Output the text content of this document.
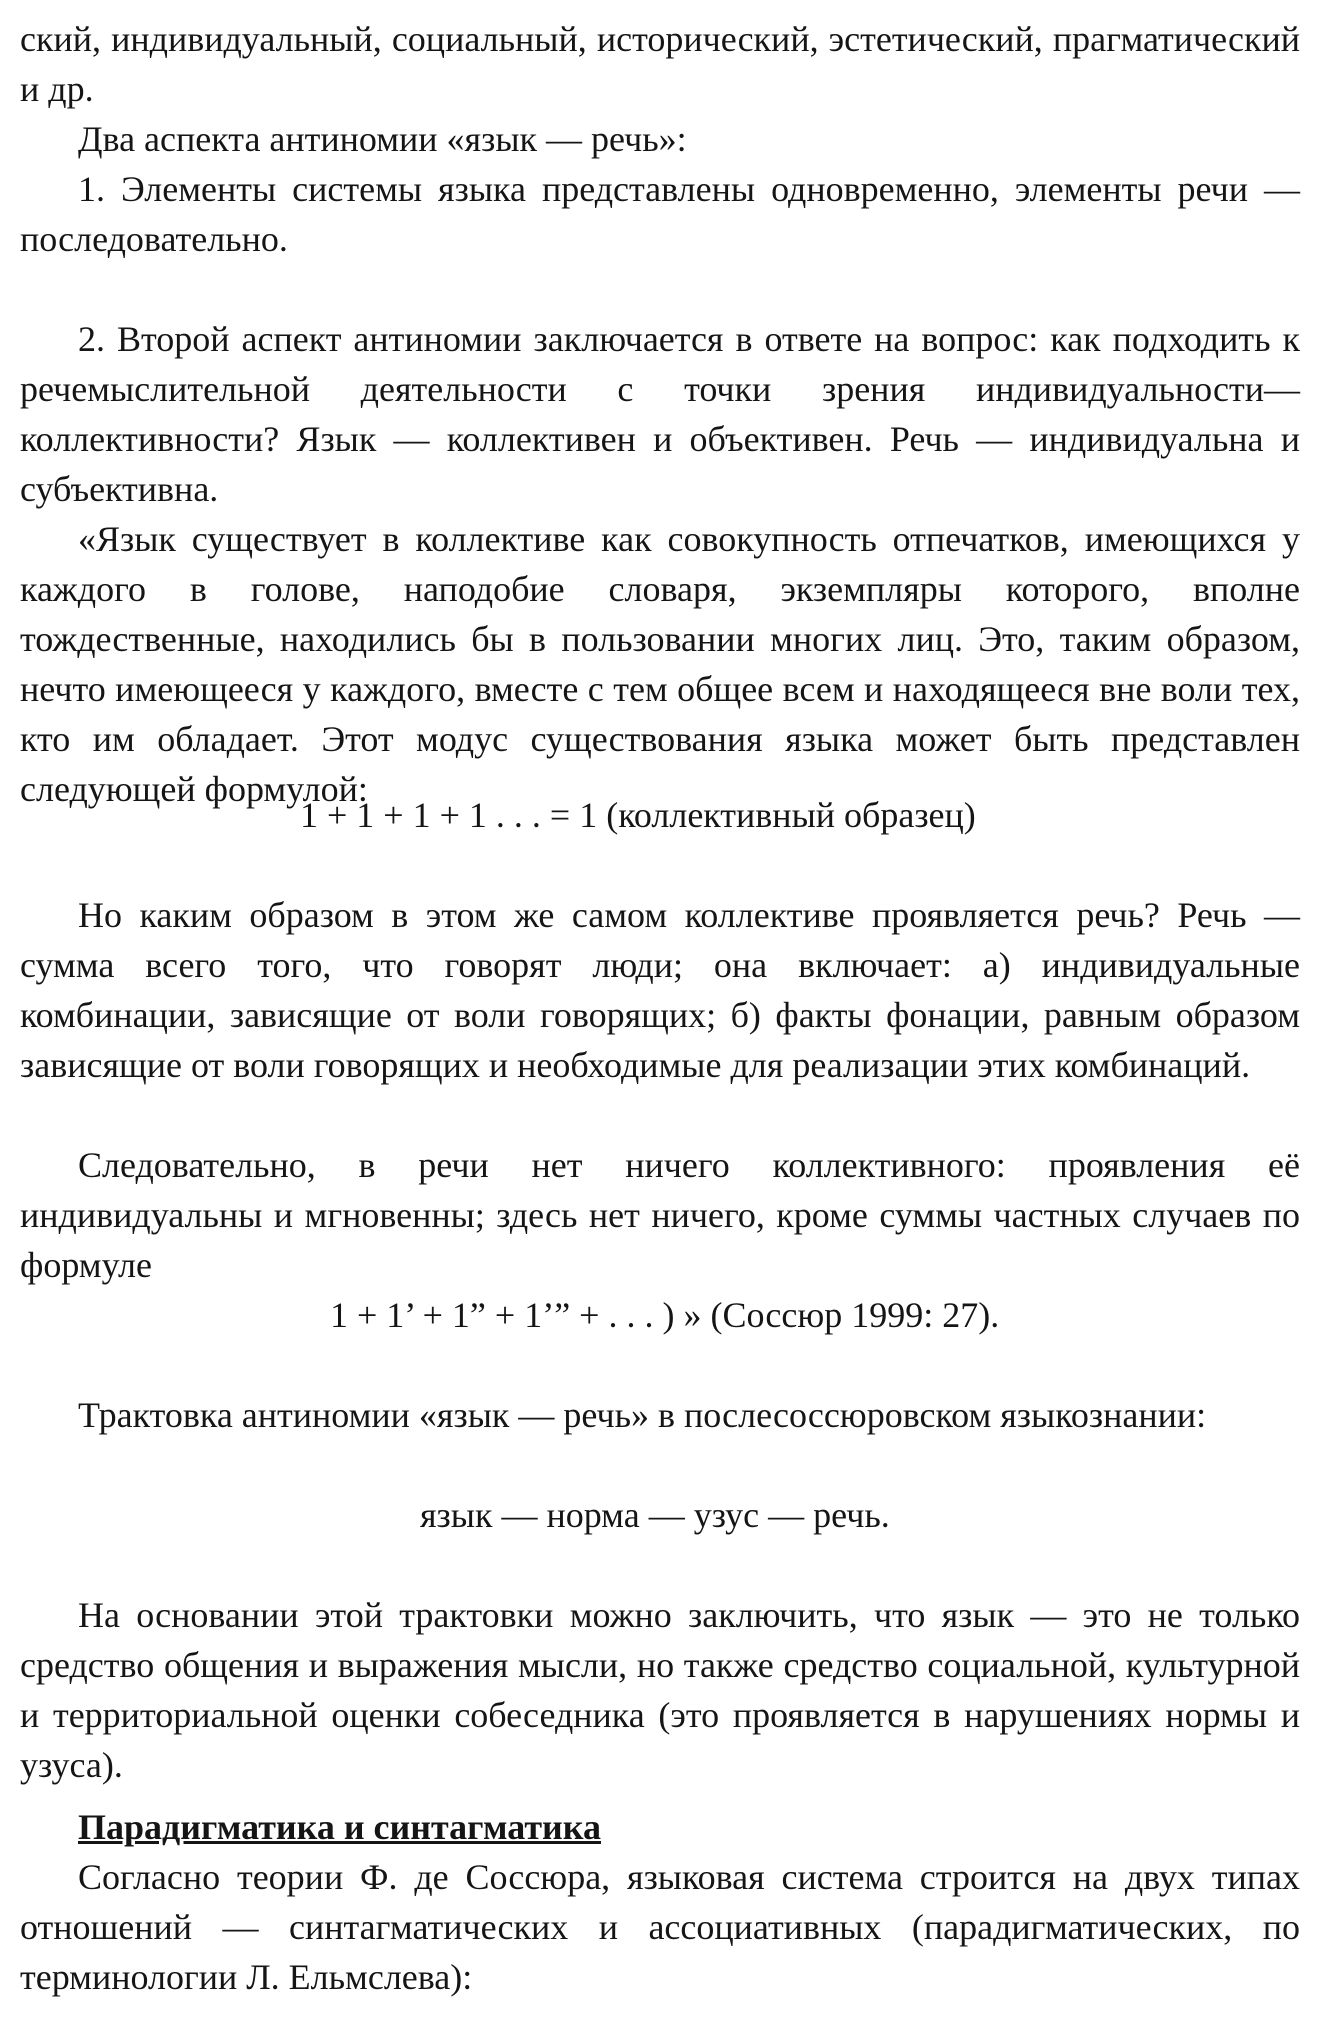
ский, индивидуальный, социальный, исторический, эстетический, прагматический и др.

Два аспекта антиномии «язык — речь»:

1. Элементы системы языка представлены одновременно, элементы речи — последовательно.

2. Второй аспект антиномии заключается в ответе на вопрос: как подходить к речемыслительной деятельности с точки зрения индивидуальности—коллективности? Язык — коллективен и объективен. Речь — индивидуальна и субъективна.

«Язык существует в коллективе как совокупность отпечатков, имеющихся у каждого в голове, наподобие словаря, экземпляры которого, вполне тождественные, находились бы в пользовании многих лиц. Это, таким образом, нечто имеющееся у каждого, вместе с тем общее всем и находящееся вне воли тех, кто им обладает. Этот модус существования языка может быть представлен следующей формулой:

1 + 1 + 1 + 1 . . . = 1 (коллективный образец)

Но каким образом в этом же самом коллективе проявляется речь? Речь — сумма всего того, что говорят люди; она включает: а) индивидуальные комбинации, зависящие от воли говорящих; б) факты фонации, равным образом зависящие от воли говорящих и необходимые для реализации этих комбинаций.

Следовательно, в речи нет ничего коллективного: проявления её индивидуальны и мгновенны; здесь нет ничего, кроме суммы частных случаев по формуле

1 + 1’ + 1” + 1’” + . . . ) » (Соссюр 1999: 27).

Трактовка антиномии «язык — речь» в послесоссюровском языкознании:

язык — норма — узус — речь.

На основании этой трактовки можно заключить, что язык — это не только средство общения и выражения мысли, но также средство социальной, культурной и территориальной оценки собеседника (это проявляется в нарушениях нормы и узуса).

Парадигматика и синтагматика

Согласно теории Ф. де Соссюра, языковая система строится на двух типах отношений — синтагматических и ассоциативных (парадигматических, по терминологии Л. Ельмслева):
